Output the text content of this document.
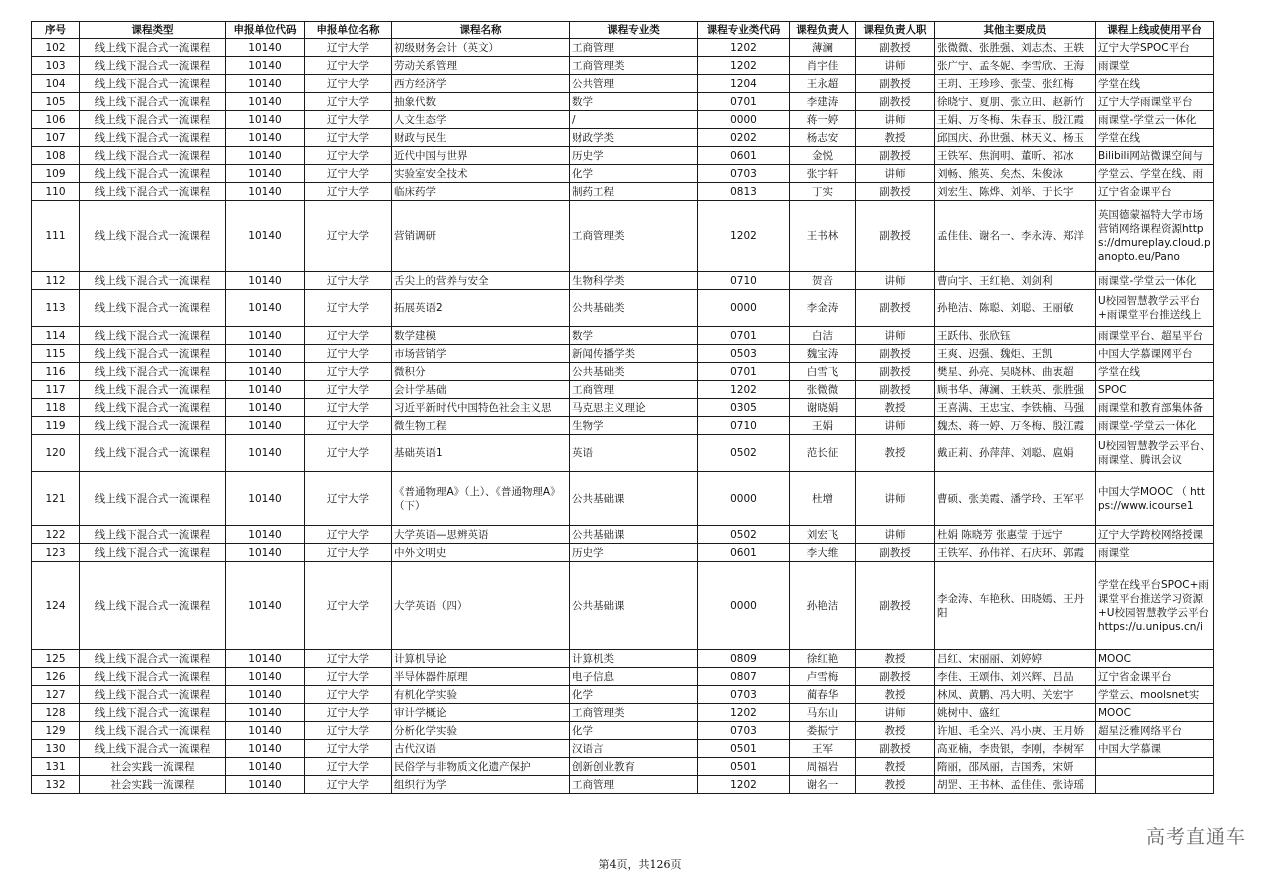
序号	课程类型	申报单位代码	申报单位名称	课程名称	课程专业类	课程专业类代码	课程负责人	课程负责人职	其他主要成员	课程上线或使用平台
102	线上线下混合式一流课程	10140	辽宁大学	初级财务会计（英文）	工商管理	1202	薄澜	副教授	张微微、张胜强、刘志杰、王轶	辽宁大学SPOC平台
103	线上线下混合式一流课程	10140	辽宁大学	劳动关系管理	工商管理类	1202	肖宇佳	讲师	张广宁、孟冬妮、李雪欣、王海	雨课堂
104	线上线下混合式一流课程	10140	辽宁大学	西方经济学	公共管理	1204	王永超	副教授	王玥、王珍珍、张莹、张红梅	学堂在线
105	线上线下混合式一流课程	10140	辽宁大学	抽象代数	数学	0701	李建涛	副教授	徐晓宁、夏朋、张立田、赵新竹	辽宁大学雨课堂平台
106	线上线下混合式一流课程	10140	辽宁大学	人文生态学	/	0000	蒋一婷	讲师	王娟、万冬梅、朱春玉、殷江霞	雨课堂-学堂云一体化
107	线上线下混合式一流课程	10140	辽宁大学	财政与民生	财政学类	0202	杨志安	教授	邱国庆、孙世强、林天义、杨玉	学堂在线
108	线上线下混合式一流课程	10140	辽宁大学	近代中国与世界	历史学	0601	金悦	副教授	王铁军、焦润明、董昕、祁冰	Bilibili网站微课空间与
109	线上线下混合式一流课程	10140	辽宁大学	实验室安全技术	化学	0703	张宇轩	讲师	刘畅、熊英、矣杰、朱俊泳	学堂云、学堂在线、雨
110	线上线下混合式一流课程	10140	辽宁大学	临床药学	制药工程	0813	丁实	副教授	刘宏生、陈烨、刘举、于长宇	辽宁省金课平台
111	线上线下混合式一流课程	10140	辽宁大学	营销调研	工商管理类	1202	王书林	副教授	孟佳佳、谢名一、李永涛、郑洋	英国德蒙福特大学市场营销网络课程资源https://dmureplay.cloud.panopto.eu/Pano
112	线上线下混合式一流课程	10140	辽宁大学	舌尖上的营养与安全	生物科学类	0710	贺音	讲师	曹向宇、王红艳、刘剑利	雨课堂-学堂云一体化
113	线上线下混合式一流课程	10140	辽宁大学	拓展英语2	公共基础类	0000	李金涛	副教授	孙艳洁、陈聪、刘聪、王丽敏	U校园智慧教学云平台+雨课堂平台推送线上
114	线上线下混合式一流课程	10140	辽宁大学	数学建模	数学	0701	白洁	讲师	王跃伟、张欣钰	雨课堂平台、超星平台
115	线上线下混合式一流课程	10140	辽宁大学	市场营销学	新闻传播学类	0503	魏宝涛	副教授	王爽、迟强、魏炬、王凯	中国大学慕课网平台
116	线上线下混合式一流课程	10140	辽宁大学	微积分	公共基础类	0701	白雪飞	副教授	樊星、孙亮、吴晓林、曲衷超	学堂在线
117	线上线下混合式一流课程	10140	辽宁大学	会计学基础	工商管理	1202	张微微	副教授	顾书华、薄澜、王轶英、张胜强	SPOC
118	线上线下混合式一流课程	10140	辽宁大学	习近平新时代中国特色社会主义思	马克思主义理论	0305	谢晓娟	教授	王喜满、王忠宝、李铁楠、马强	雨课堂和教育部集体备
119	线上线下混合式一流课程	10140	辽宁大学	微生物工程	生物学	0710	王娟	讲师	魏杰、蒋一婷、万冬梅、殷江霞	雨课堂-学堂云一体化
120	线上线下混合式一流课程	10140	辽宁大学	基础英语1	英语	0502	范长征	教授	戴正莉、孙萍萍、刘聪、扈娟	U校园智慧教学云平台、雨课堂、腾讯会议
121	线上线下混合式一流课程	10140	辽宁大学	《普通物理A》（上）、《普通物理A》（下）	公共基础课	0000	杜增	讲师	曹硕、张美霞、潘学玲、王军平	中国大学MOOC （ https://www.icourse1
122	线上线下混合式一流课程	10140	辽宁大学	大学英语—思辨英语	公共基础课	0502	刘宏飞	讲师	杜娟 陈晓芳 张惠莹 于远宁	辽宁大学跨校网络授课
123	线上线下混合式一流课程	10140	辽宁大学	中外文明史	历史学	0601	李大维	副教授	王铁军、孙伟祥、石庆环、郭霞	雨课堂
124	线上线下混合式一流课程	10140	辽宁大学	大学英语（四）	公共基础课	0000	孙艳洁	副教授	李金涛、车艳秋、田晓嫣、王丹阳	学堂在线平台SPOC+雨课堂平台推送学习资源+U校园智慧教学云平台https://u.unipus.cn/i
125	线上线下混合式一流课程	10140	辽宁大学	计算机导论	计算机类	0809	徐红艳	教授	吕红、宋丽丽、刘婷婷	MOOC
126	线上线下混合式一流课程	10140	辽宁大学	半导体器件原理	电子信息	0807	卢雪梅	副教授	李佳、王颂伟、刘兴辉、吕品	辽宁省金课平台
127	线上线下混合式一流课程	10140	辽宁大学	有机化学实验	化学	0703	蔺春华	教授	林凤、黄鹏、冯大明、关宏宇	学堂云、moolsnet实
128	线上线下混合式一流课程	10140	辽宁大学	审计学概论	工商管理类	1202	马东山	讲师	姚树中、盛红	MOOC
129	线上线下混合式一流课程	10140	辽宁大学	分析化学实验	化学	0703	娄振宁	教授	许旭、毛全兴、冯小庚、王月娇	超星泛雅网络平台
130	线上线下混合式一流课程	10140	辽宁大学	古代汉语	汉语言	0501	王军	副教授	高亚楠，李贵银，李刚，李树军	中国大学慕课
131	社会实践一流课程	10140	辽宁大学	民俗学与非物质文化遗产保护	创新创业教育	0501	周福岩	教授	隋丽，邵凤丽，吉国秀，宋妍	
132	社会实践一流课程	10140	辽宁大学	组织行为学	工商管理	1202	谢名一	教授	胡罡、王书林、孟佳佳、张诗瑶	
高考直通车
第4页，共126页
